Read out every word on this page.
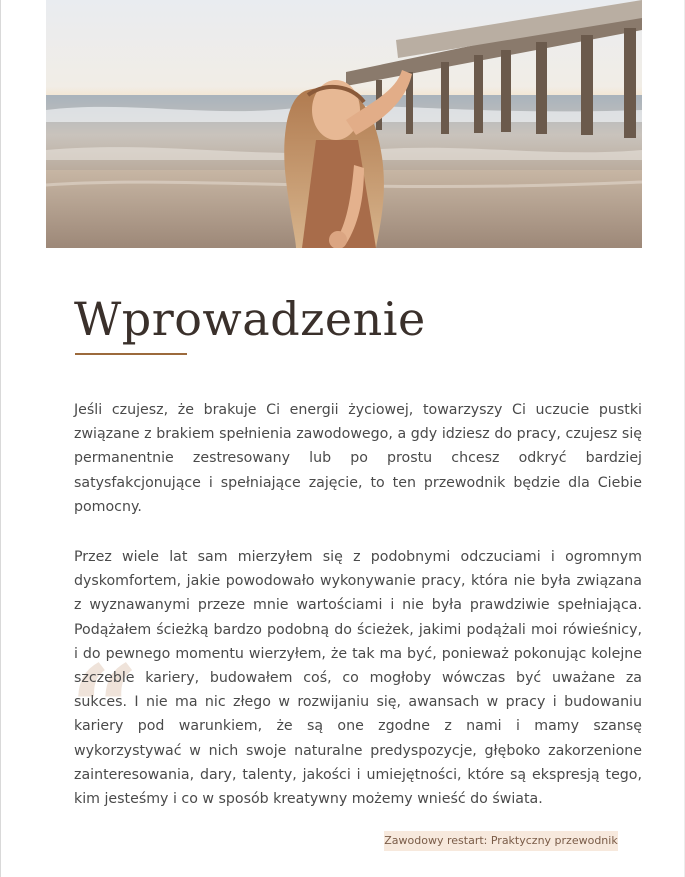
Wprowadzenie
“

Jeśli czujesz, że brakuje Ci energii życiowej, towarzyszy Ci uczucie pustki związane z brakiem spełnienia zawodowego, a gdy idziesz do pracy, czujesz się permanentnie zestresowany lub po prostu chcesz odkryć bardziej satysfakcjonujące i spełniające zajęcie, to ten przewodnik będzie dla Ciebie pomocny.

Przez wiele lat sam mierzyłem się z podobnymi odczuciami i ogromnym dyskomfortem, jakie powodowało wykonywanie pracy, która nie była związana z wyznawanymi przeze mnie wartościami i nie była prawdziwie spełniająca. Podążałem ścieżką bardzo podobną do ścieżek, jakimi podążali moi rówieśnicy, i do pewnego momentu wierzyłem, że tak ma być, ponieważ pokonując kolejne szczeble kariery, budowałem coś, co mogłoby wówczas być uważane za sukces. I nie ma nic złego w rozwijaniu się, awansach w pracy i budowaniu kariery pod warunkiem, że są one zgodne z nami i mamy szansę wykorzystywać w nich swoje naturalne predyspozycje, głęboko zakorzenione zainteresowania, dary, talenty, jakości i umiejętności, które są ekspresją tego, kim jesteśmy i co w sposób kreatywny możemy wnieść do świata.

Zawodowy restart: Praktyczny przewodnik
